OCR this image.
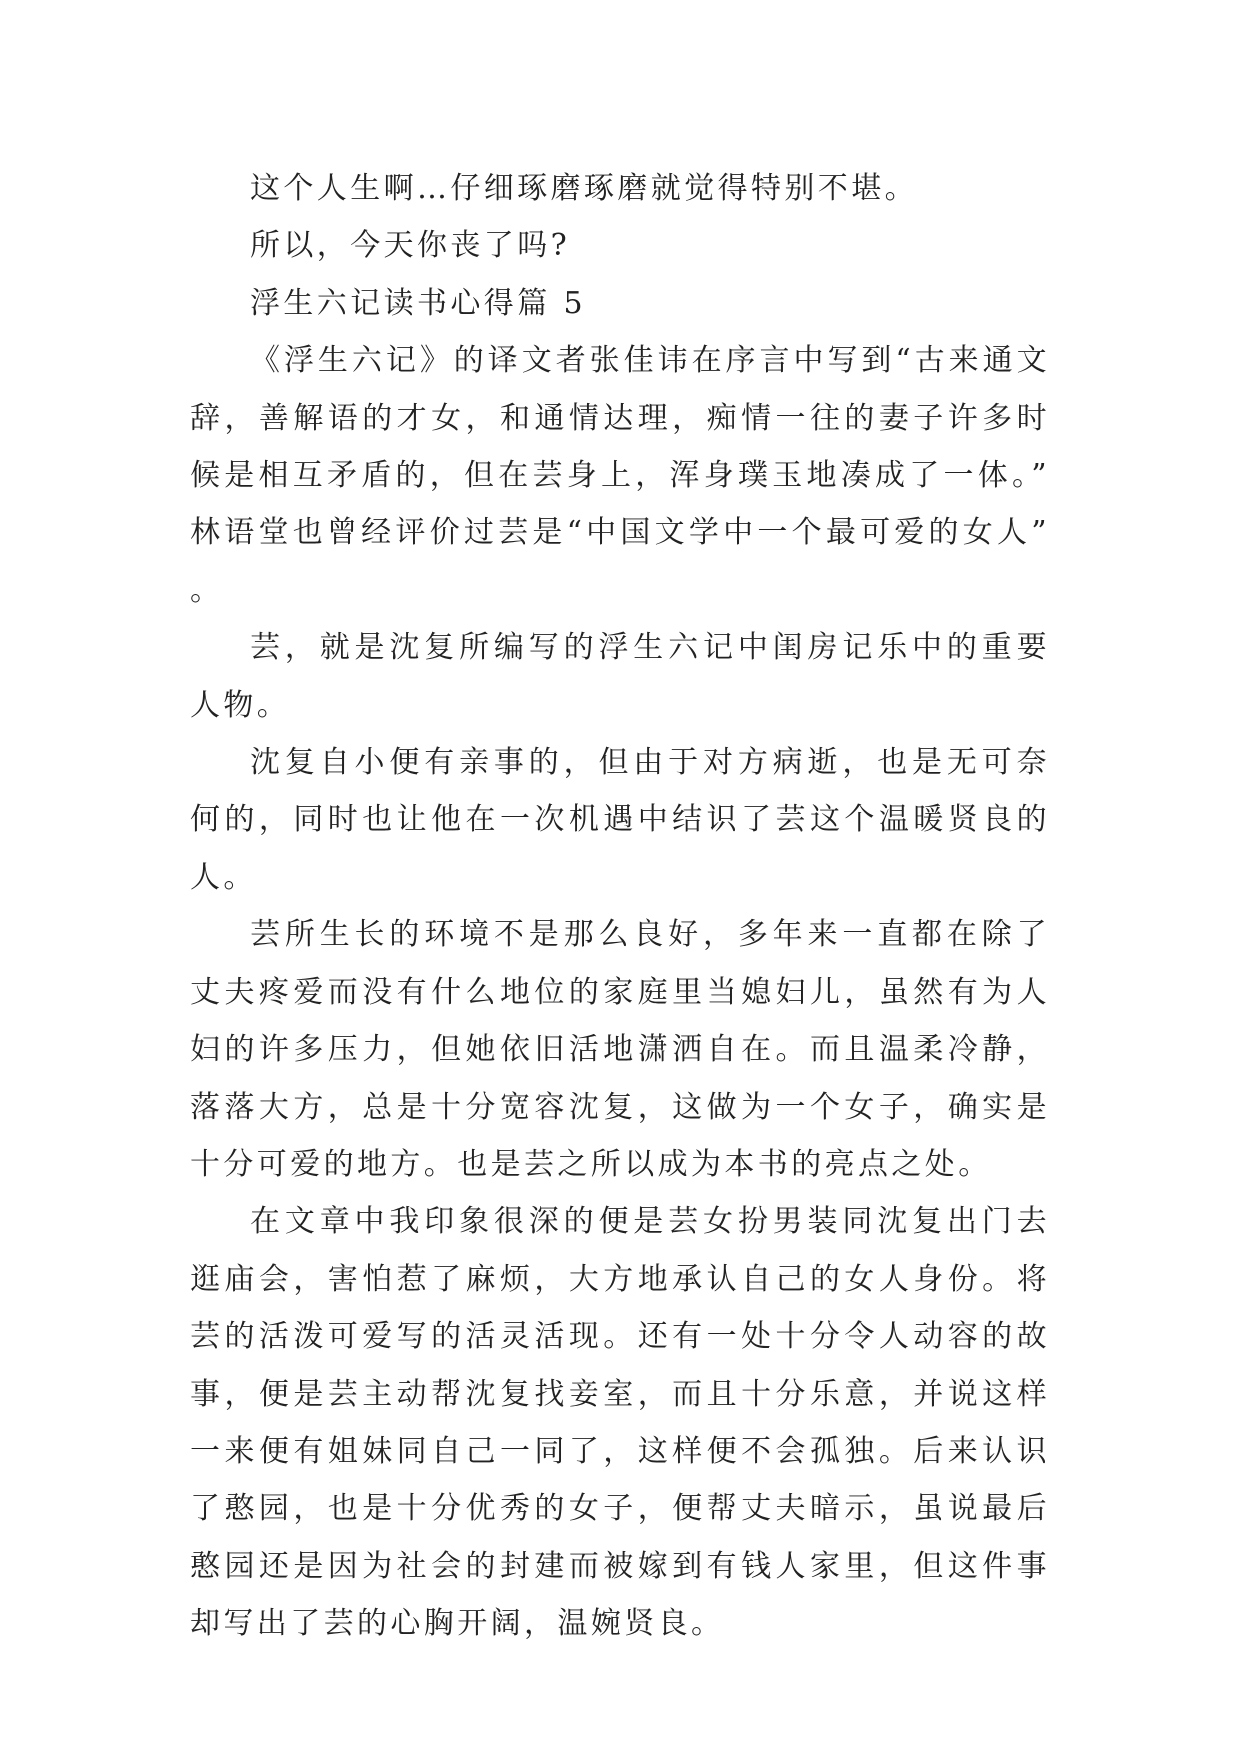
这个人生啊…仔细琢磨琢磨就觉得特别不堪。

所以，今天你丧了吗?

浮生六记读书心得篇 5

《浮生六记》的译文者张佳讳在序言中写到“古来通文辞，善解语的才女，和通情达理，痴情一往的妻子许多时候是相互矛盾的，但在芸身上，浑身璞玉地凑成了一体。”林语堂也曾经评价过芸是“中国文学中一个最可爱的女人”。

芸，就是沈复所编写的浮生六记中闺房记乐中的重要人物。

沈复自小便有亲事的，但由于对方病逝，也是无可奈何的，同时也让他在一次机遇中结识了芸这个温暖贤良的人。

芸所生长的环境不是那么良好，多年来一直都在除了丈夫疼爱而没有什么地位的家庭里当媳妇儿，虽然有为人妇的许多压力，但她依旧活地潇洒自在。而且温柔冷静，落落大方，总是十分宽容沈复，这做为一个女子，确实是十分可爱的地方。也是芸之所以成为本书的亮点之处。

在文章中我印象很深的便是芸女扮男装同沈复出门去逛庙会，害怕惹了麻烦，大方地承认自己的女人身份。将芸的活泼可爱写的活灵活现。还有一处十分令人动容的故事，便是芸主动帮沈复找妾室，而且十分乐意，并说这样一来便有姐妹同自己一同了，这样便不会孤独。后来认识了憨园，也是十分优秀的女子，便帮丈夫暗示，虽说最后憨园还是因为社会的封建而被嫁到有钱人家里，但这件事却写出了芸的心胸开阔，温婉贤良。
